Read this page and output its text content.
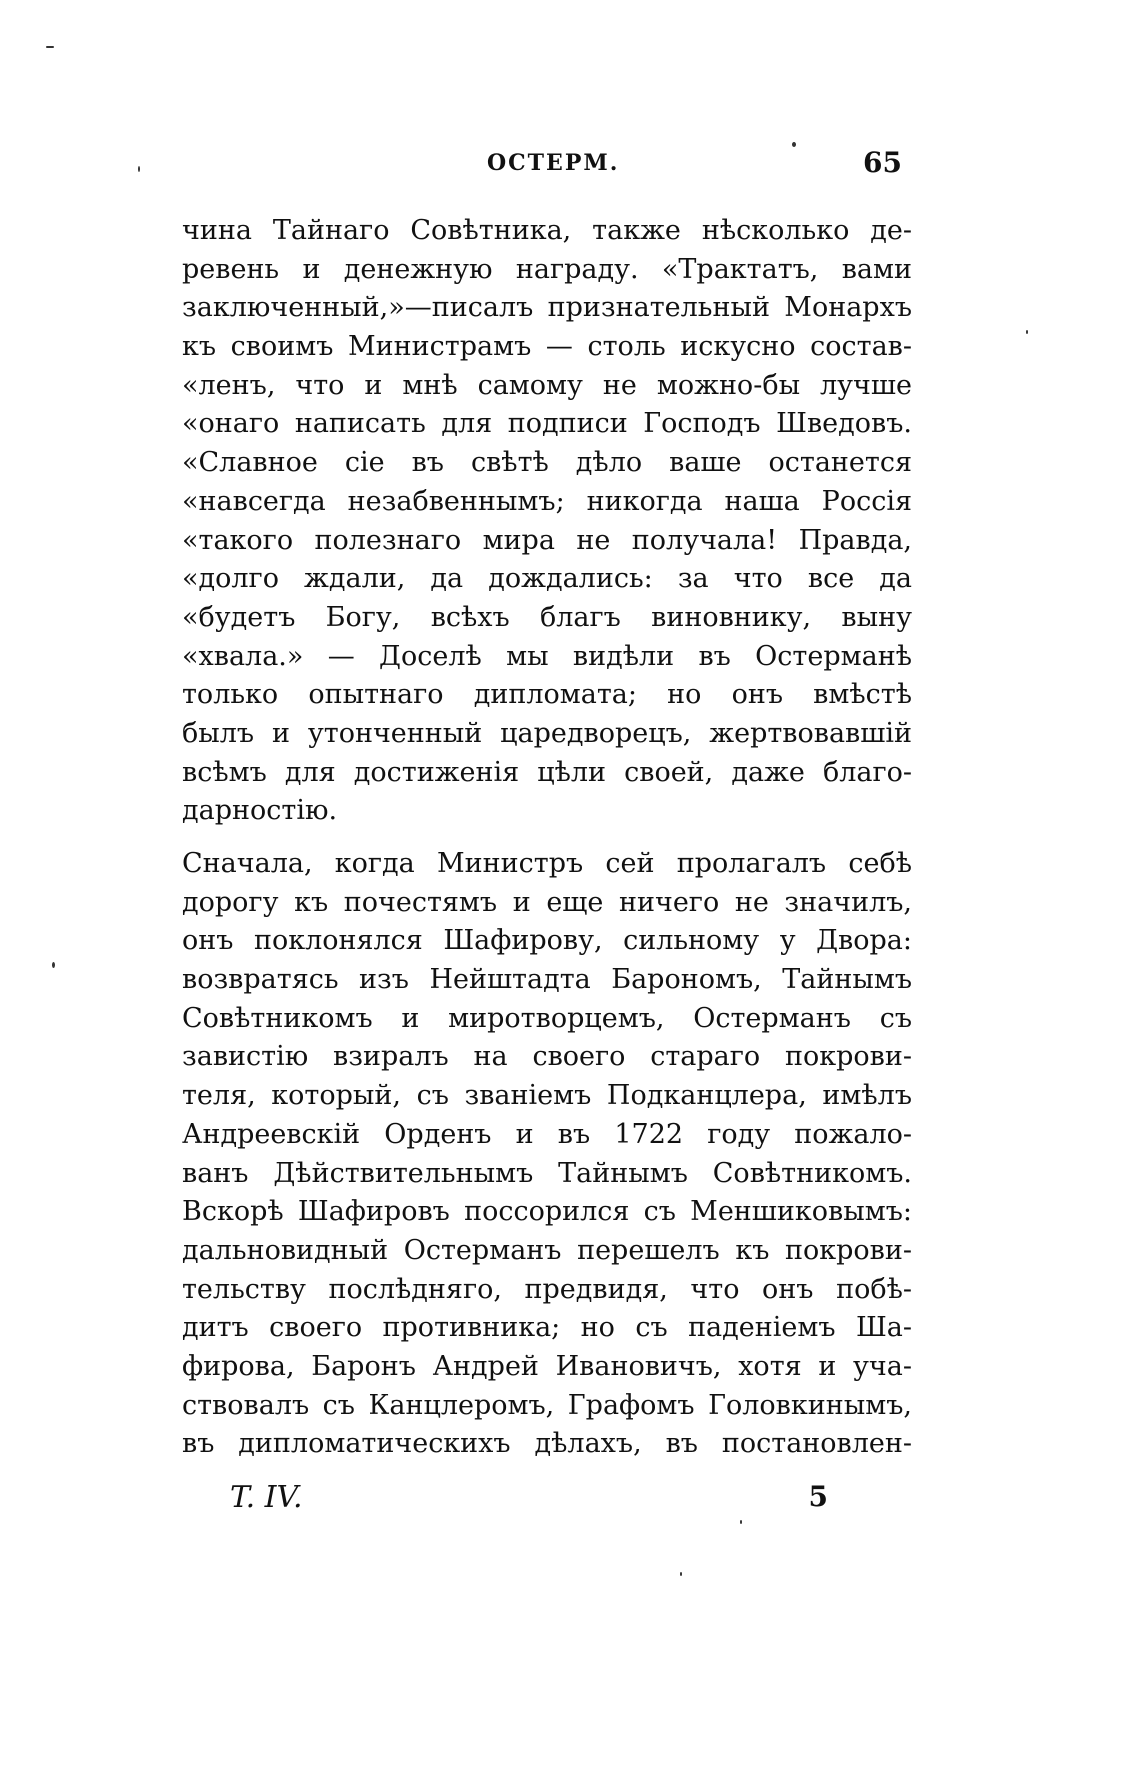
ОСТЕРМ.	65
чина Тайнаго Совѣтника, также нѣсколько де-
ревень и денежную награду. «Трактатъ, вами
заключенный,»—писалъ признательный Монархъ
къ своимъ Министрамъ — столь искусно состав-
«ленъ, что и мнѣ самому не можно-бы лучше
«онаго написать для подписи Господъ Шведовъ.
«Славное сіе въ свѣтѣ дѣло ваше останется
«навсегда незабвеннымъ; никогда наша Россія
«такого полезнаго мира не получала! Правда,
«долго ждали, да дождались: за что все да
«будетъ Богу, всѣхъ благъ виновнику, выну
«хвала.» — Доселѣ мы видѣли въ Остерманѣ
только опытнаго дипломата; но онъ вмѣстѣ
былъ и утонченный царедворецъ, жертвовавшій
всѣмъ для достиженія цѣли своей, даже благо-
дарностію.
Сначала, когда Министръ сей пролагалъ себѣ
дорогу къ почестямъ и еще ничего не значилъ,
онъ поклонялся Шафирову, сильному у Двора:
возвратясь изъ Нейштадта Барономъ, Тайнымъ
Совѣтникомъ и миротворцемъ, Остерманъ съ
завистію взиралъ на своего стараго покрови-
теля, который, съ званіемъ Подканцлера, имѣлъ
Андреевскій Орденъ и въ 1722 году пожало-
ванъ Дѣйствительнымъ Тайнымъ Совѣтникомъ.
Вскорѣ Шафировъ поссорился съ Меншиковымъ:
дальновидный Остерманъ перешелъ къ покрови-
тельству послѣдняго, предвидя, что онъ побѣ-
дитъ своего противника; но съ паденіемъ Ша-
фирова, Баронъ Андрей Ивановичъ, хотя и уча-
ствовалъ съ Канцлеромъ, Графомъ Головкинымъ,
въ дипломатическихъ дѣлахъ, въ постановлен-
T. IV.	5
